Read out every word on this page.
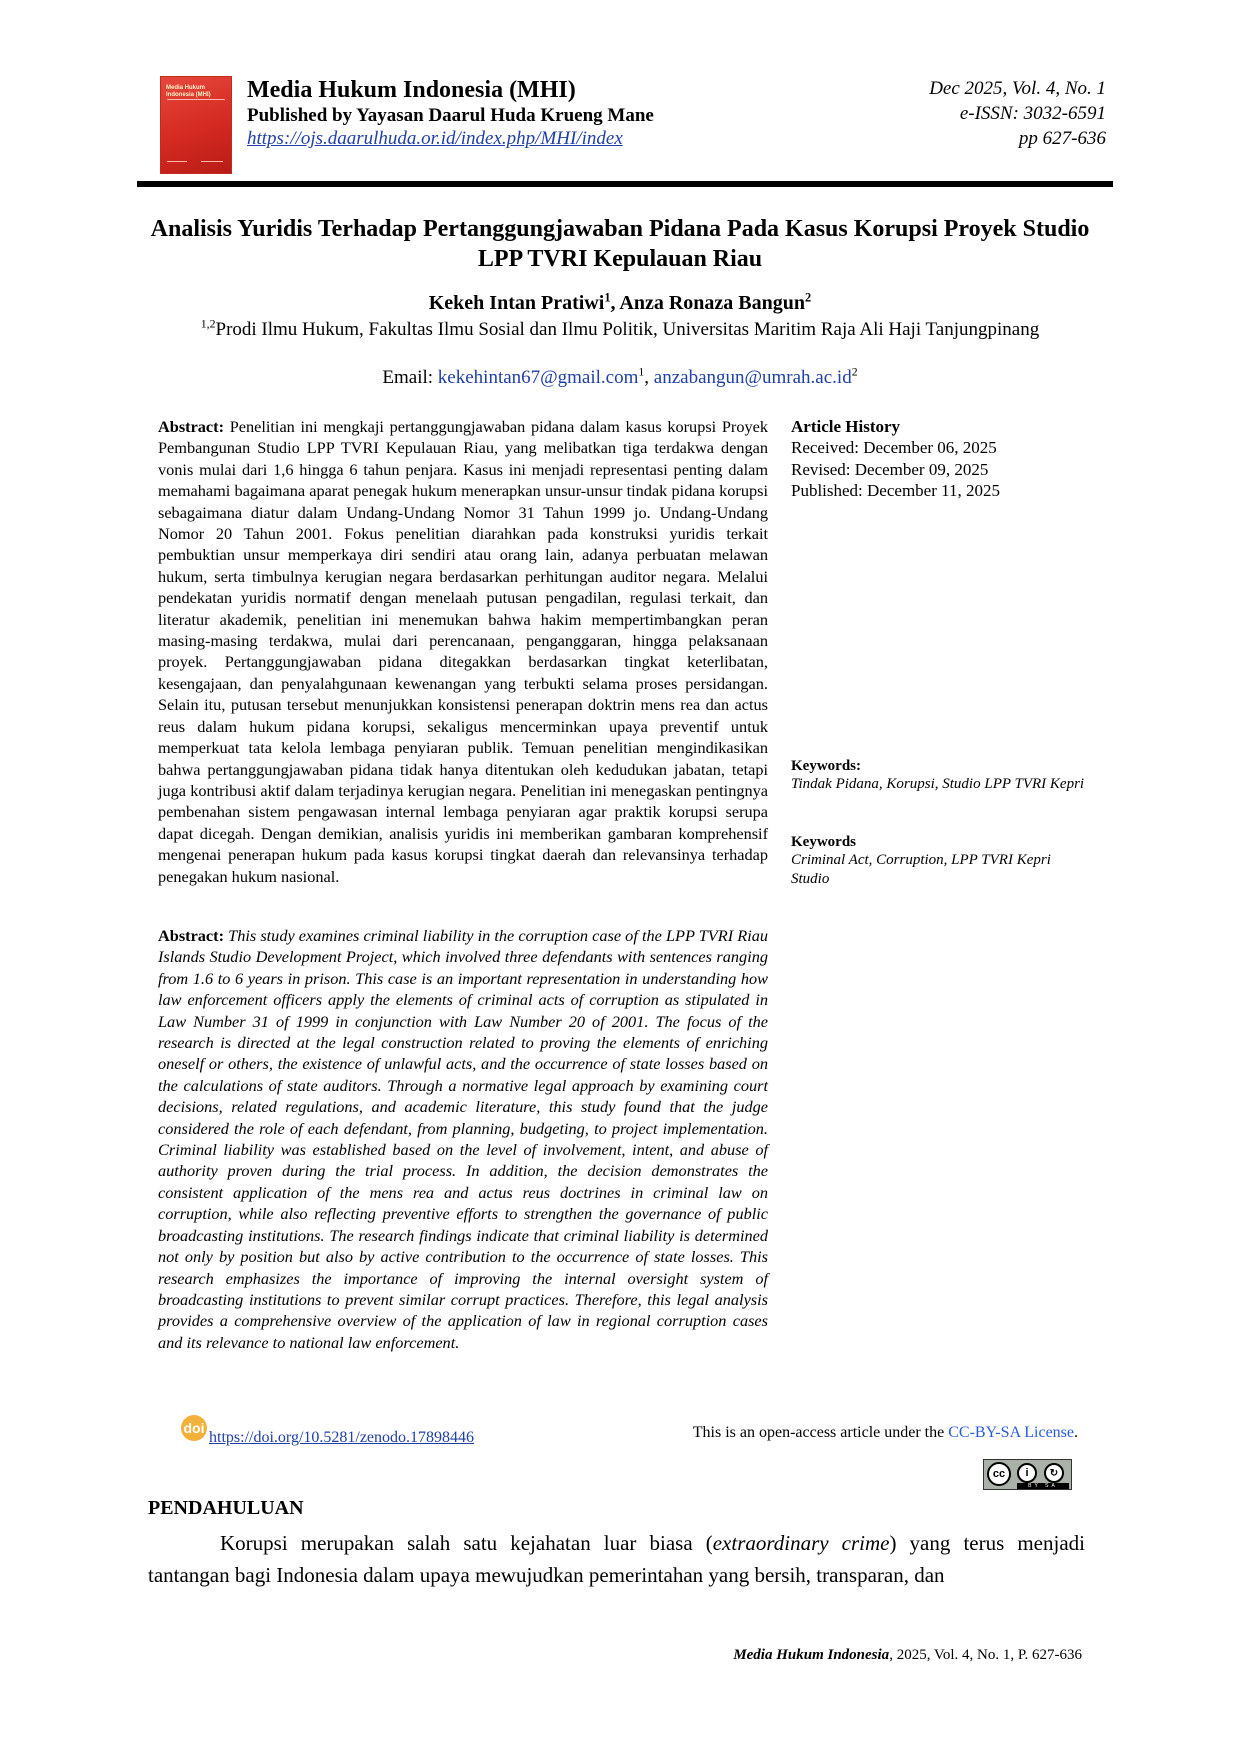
Media Hukum Indonesia (MHI)	Media Hukum Indonesia (MHI)
Published by Yayasan Daarul Huda Krueng Mane
https://ojs.daarulhuda.or.id/index.php/MHI/index
Dec 2025, Vol. 4, No. 1
e-ISSN: 3032-6591
pp 627-636
Analisis Yuridis Terhadap Pertanggungjawaban Pidana Pada Kasus Korupsi Proyek Studio LPP TVRI Kepulauan Riau
Kekeh Intan Pratiwi$^1$, Anza Ronaza Bangun$^2$
$^{1,2}$Prodi Ilmu Hukum, Fakultas Ilmu Sosial dan Ilmu Politik, Universitas Maritim Raja Ali Haji Tanjungpinang
Email: kekehintan67@gmail.com$^1$, $anzabangun@umrah.ac.id^2$
Abstract: Penelitian ini mengkaji pertanggungjawaban pidana dalam kasus korupsi Proyek Pembangunan Studio LPP TVRI Kepulauan Riau, yang melibatkan tiga terdakwa dengan vonis mulai dari 1,6 hingga 6 tahun penjara. Kasus ini menjadi representasi penting dalam memahami bagaimana aparat penegak hukum menerapkan unsur-unsur tindak pidana korupsi sebagaimana diatur dalam Undang-Undang Nomor 31 Tahun 1999 jo. Undang-Undang Nomor 20 Tahun 2001. Fokus penelitian diarahkan pada konstruksi yuridis terkait pembuktian unsur memperkaya diri sendiri atau orang lain, adanya perbuatan melawan hukum, serta timbulnya kerugian negara berdasarkan perhitungan auditor negara. Melalui pendekatan yuridis normatif dengan menelaah putusan pengadilan, regulasi terkait, dan literatur akademik, penelitian ini menemukan bahwa hakim mempertimbangkan peran masing-masing terdakwa, mulai dari perencanaan, penganggaran, hingga pelaksanaan proyek. Pertanggungjawaban pidana ditegakkan berdasarkan tingkat keterlibatan, kesengajaan, dan penyalahgunaan kewenangan yang terbukti selama proses persidangan. Selain itu, putusan tersebut menunjukkan konsistensi penerapan doktrin mens rea dan actus reus dalam hukum pidana korupsi, sekaligus mencerminkan upaya preventif untuk memperkuat tata kelola lembaga penyiaran publik. Temuan penelitian mengindikasikan bahwa pertanggungjawaban pidana tidak hanya ditentukan oleh kedudukan jabatan, tetapi juga kontribusi aktif dalam terjadinya kerugian negara. Penelitian ini menegaskan pentingnya pembenahan sistem pengawasan internal lembaga penyiaran agar praktik korupsi serupa dapat dicegah. Dengan demikian, analisis yuridis ini memberikan gambaran komprehensif mengenai penerapan hukum pada kasus korupsi tingkat daerah dan relevansinya terhadap penegakan hukum nasional.
Abstract: This study examines criminal liability in the corruption case of the LPP TVRI Riau Islands Studio Development Project, which involved three defendants with sentences ranging from 1.6 to 6 years in prison. This case is an important representation in understanding how law enforcement officers apply the elements of criminal acts of corruption as stipulated in Law Number 31 of 1999 in conjunction with Law Number 20 of 2001. The focus of the research is directed at the legal construction related to proving the elements of enriching oneself or others, the existence of unlawful acts, and the occurrence of state losses based on the calculations of state auditors. Through a normative legal approach by examining court decisions, related regulations, and academic literature, this study found that the judge considered the role of each defendant, from planning, budgeting, to project implementation. Criminal liability was established based on the level of involvement, intent, and abuse of authority proven during the trial process. In addition, the decision demonstrates the consistent application of the mens rea and actus reus doctrines in criminal law on corruption, while also reflecting preventive efforts to strengthen the governance of public broadcasting institutions. The research findings indicate that criminal liability is determined not only by position but also by active contribution to the occurrence of state losses. This research emphasizes the importance of improving the internal oversight system of broadcasting institutions to prevent similar corrupt practices. Therefore, this legal analysis provides a comprehensive overview of the application of law in regional corruption cases and its relevance to national law enforcement.
Article History
Received: December 06, 2025
Revised: December 09, 2025
Published: December 11, 2025
Keywords:
Tindak Pidana, Korupsi, Studio LPP TVRI Kepri
Keywords
Criminal Act, Corruption, LPP TVRI Kepri Studio
doi
https://doi.org/10.5281/zenodo.17898446	This is an open-access article under the CC-BY-SA License.
cc	i	↻
BY SA
PENDAHULUAN
Korupsi merupakan salah satu kejahatan luar biasa (extraordinary crime) yang terus menjadi tantangan bagi Indonesia dalam upaya mewujudkan pemerintahan yang bersih, transparan, dan
Media Hukum Indonesia, 2025, Vol. 4, No. 1, P. 627-636
